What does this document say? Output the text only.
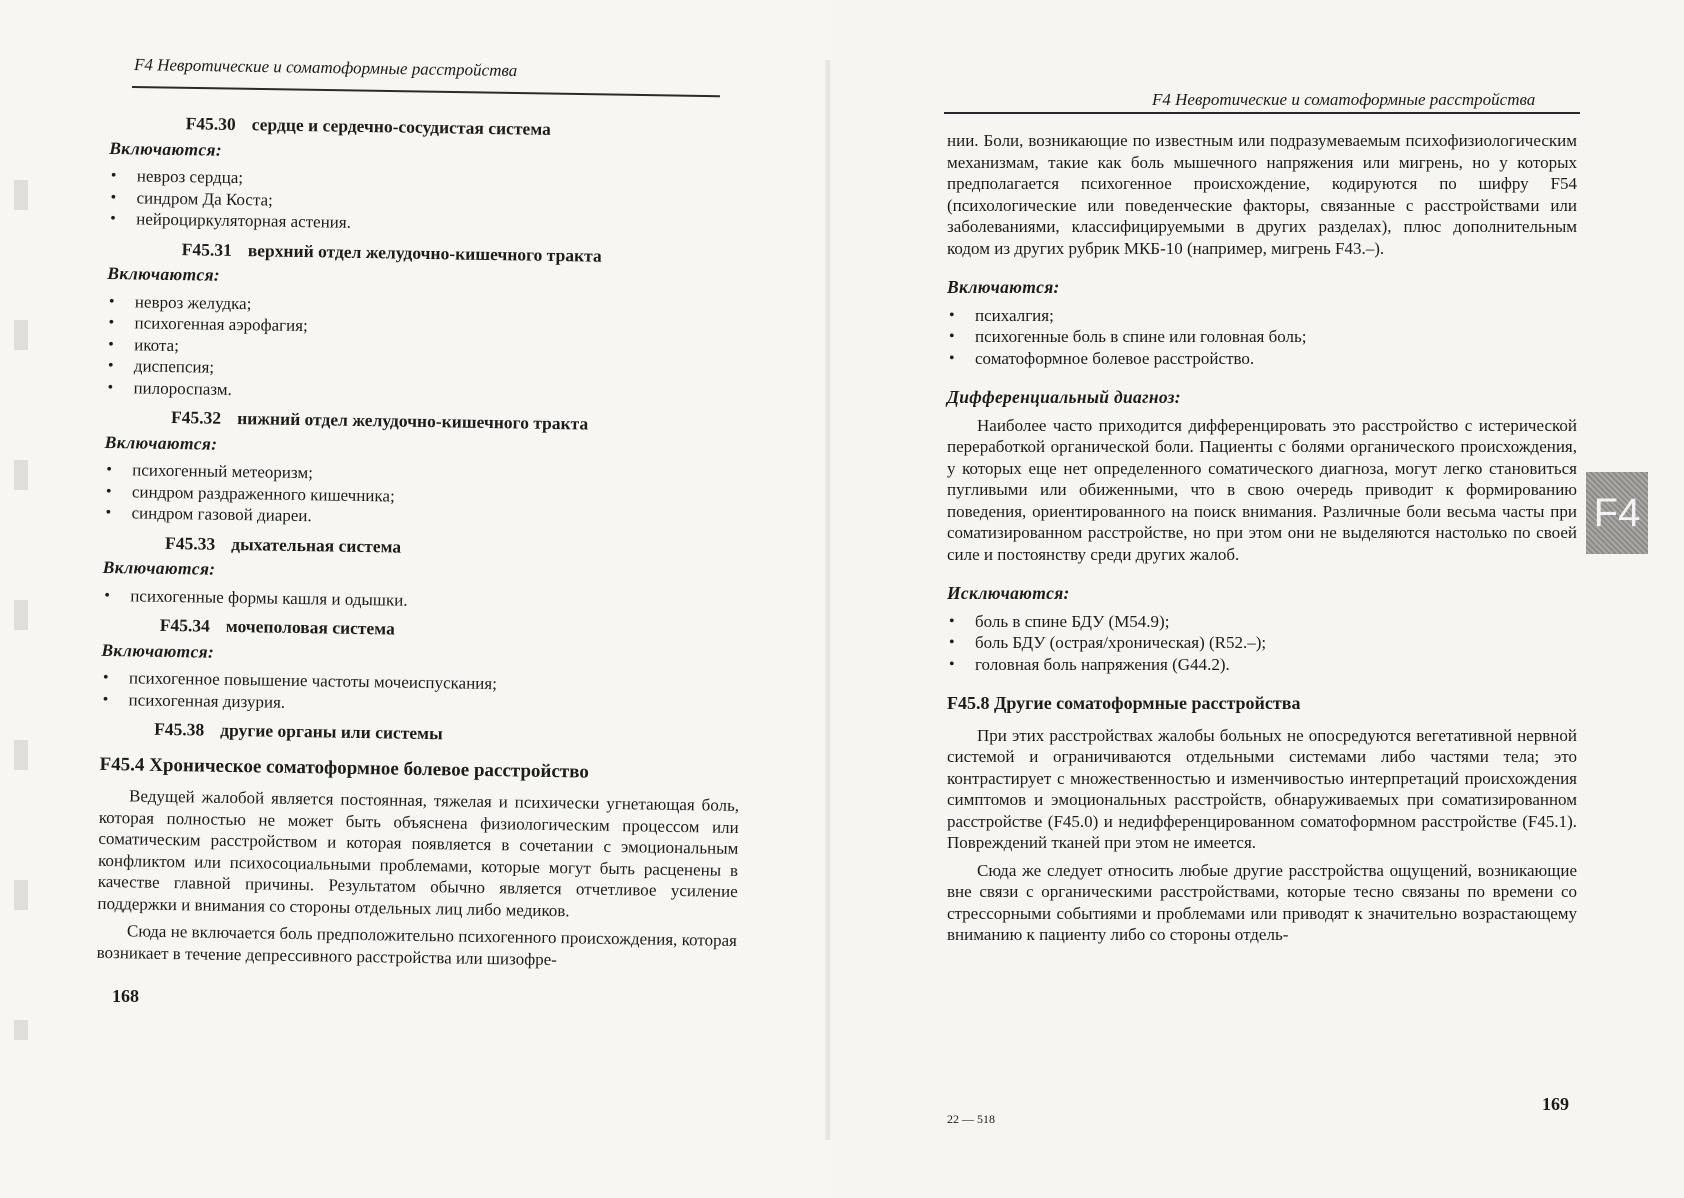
F4 Невротические и соматоформные расстройства
F45.30 сердце и сердечно-сосудистая система
Включаются:
• невроз сердца;
• синдром Да Коста;
• нейроциркуляторная астения.
F45.31 верхний отдел желудочно-кишечного тракта
Включаются:
• невроз желудка;
• психогенная аэрофагия;
• икота;
• диспепсия;
• пилороспазм.
F45.32 нижний отдел желудочно-кишечного тракта
Включаются:
• психогенный метеоризм;
• синдром раздраженного кишечника;
• синдром газовой диареи.
F45.33 дыхательная система
Включаются:
• психогенные формы кашля и одышки.
F45.34 мочеполовая система
Включаются:
• психогенное повышение частоты мочеиспускания;
• психогенная дизурия.
F45.38 другие органы или системы
F45.4 Хроническое соматоформное болевое расстройство

Ведущей жалобой является постоянная, тяжелая и психически угнетающая боль, которая полностью не может быть объяснена физиологическим процессом или соматическим расстройством и которая появляется в сочетании с эмоциональным конфликтом или психосоциальными проблемами, которые могут быть расценены в качестве главной причины. Результатом обычно является отчетливое усиление поддержки и внимания со стороны отдельных лиц либо медиков.

Сюда не включается боль предположительно психогенного происхождения, которая возникает в течение депрессивного расстройства или шизофре-

168
F4 Невротические и соматоформные расстройства

нии. Боли, возникающие по известным или подразумеваемым психофизиологическим механизмам, такие как боль мышечного напряжения или мигрень, но у которых предполагается психогенное происхождение, кодируются по шифру F54 (психологические или поведенческие факторы, связанные с расстройствами или заболеваниями, классифицируемыми в других разделах), плюс дополнительным кодом из других рубрик МКБ-10 (например, мигрень F43.–).

Включаются:
• психалгия;
• психогенные боль в спине или головная боль;
• соматоформное болевое расстройство.
Дифференциальный диагноз:

Наиболее часто приходится дифференцировать это расстройство с истерической переработкой органической боли. Пациенты с болями органического происхождения, у которых еще нет определенного соматического диагноза, могут легко становиться пугливыми или обиженными, что в свою очередь приводит к формированию поведения, ориентированного на поиск внимания. Различные боли весьма часты при соматизированном расстройстве, но при этом они не выделяются настолько по своей силе и постоянству среди других жалоб.

Исключаются:
• боль в спине БДУ (M54.9);
• боль БДУ (острая/хроническая) (R52.–);
• головная боль напряжения (G44.2).
F45.8 Другие соматоформные расстройства

При этих расстройствах жалобы больных не опосредуются вегетативной нервной системой и ограничиваются отдельными системами либо частями тела; это контрастирует с множественностью и изменчивостью интерпретаций происхождения симптомов и эмоциональных расстройств, обнаруживаемых при соматизированном расстройстве (F45.0) и недифференцированном соматоформном расстройстве (F45.1). Повреждений тканей при этом не имеется.

Сюда же следует относить любые другие расстройства ощущений, возникающие вне связи с органическими расстройствами, которые тесно связаны по времени со стрессорными событиями и проблемами или приводят к значительно возрастающему вниманию к пациенту либо со стороны отдель-

22 — 518
169
F4
